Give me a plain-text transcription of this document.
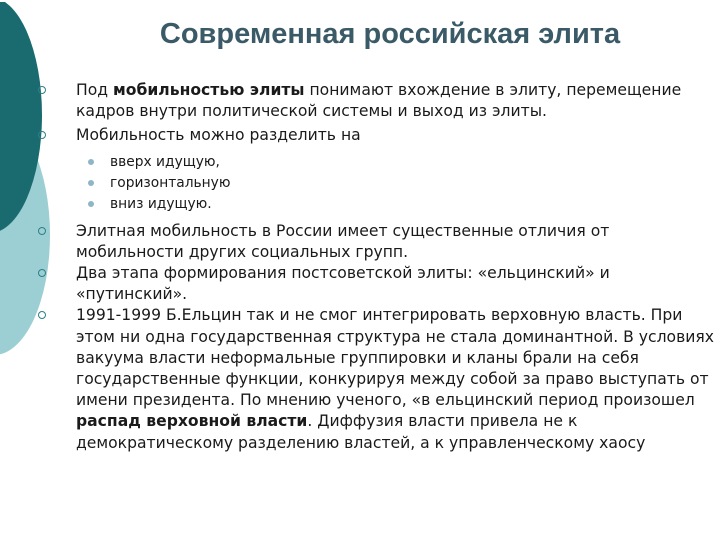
Современная российская элита

Под мобильностью элиты понимают вхождение в элиту, перемещение кадров внутри политической системы и выход из элиты.

Мобильность можно разделить на

вверх идущую,
горизонтальную
вниз идущую.

Элитная мобильность в России имеет существенные отличия от мобильности других социальных групп.

Два этапа формирования постсоветской элиты: «ельцинский» и «путинский».

1991-1999 Б.Ельцин так и не смог интегрировать верховную власть. При этом ни одна государственная структура не стала доминантной. В условиях вакуума власти неформальные группировки и кланы брали на себя государственные функции, конкурируя между собой за право выступать от имени президента. По мнению ученого, «в ельцинский период произошел распад верховной власти. Диффузия власти привела не к демократическому разделению властей, а к управленческому хаосу
